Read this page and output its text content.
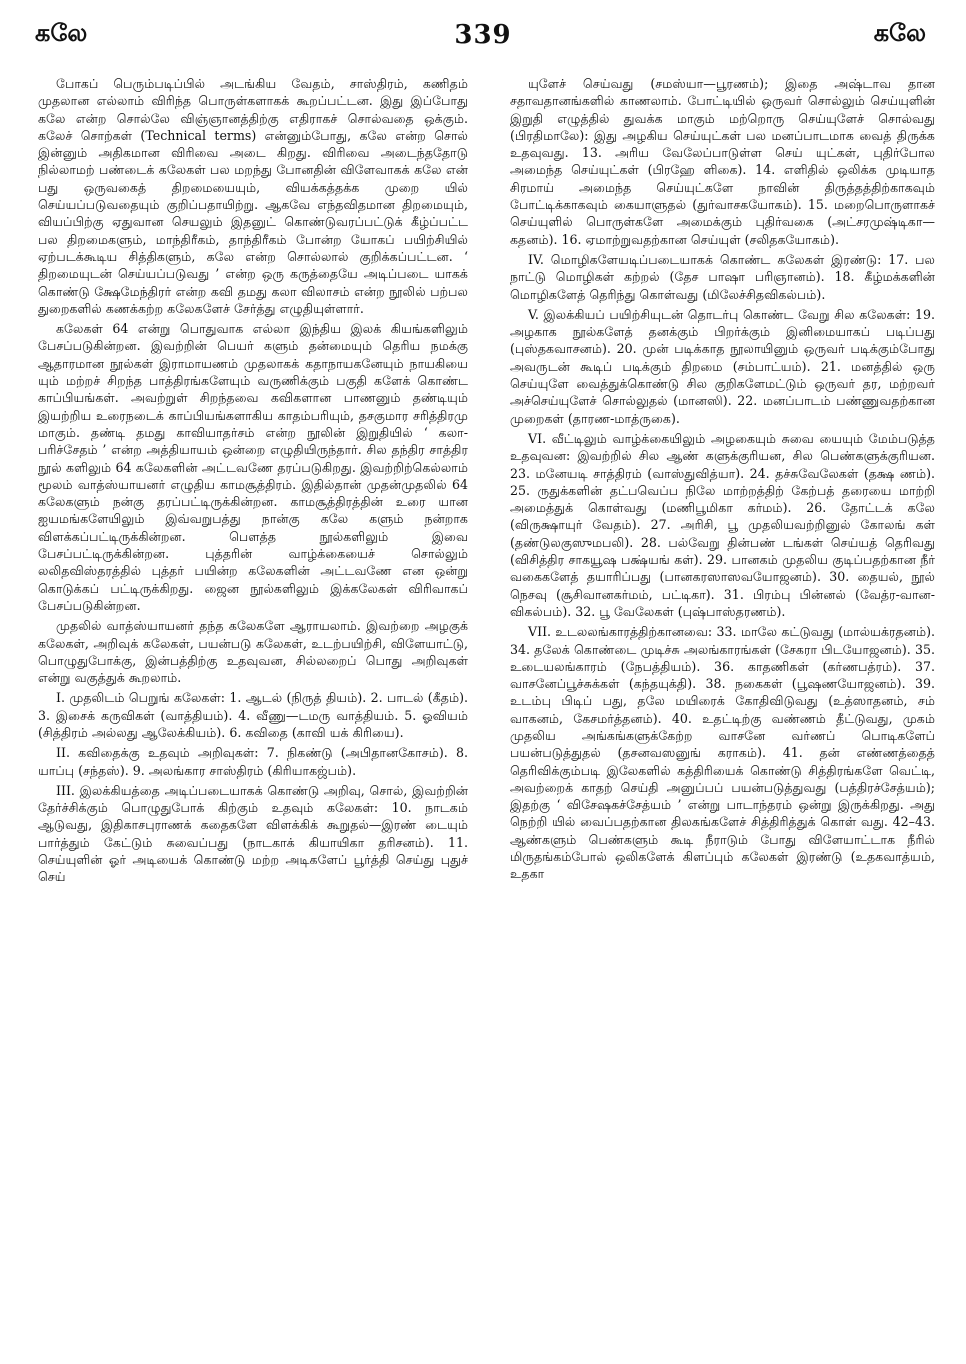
கலே	339	கலே

போகப் பெரும்படிப்பில் அடங்கிய வேதம், சாஸ்திரம், கணிதம் முதலான எல்லாம் விரிந்த பொருள்களாகக் கூறப்பட்டன. இது இப்போது கலே என்ற சொல்லே விஞ்ஞானத்திற்கு எதிராகச் சொல்வதை ஒக்கும். கலேச் சொற்கள் (Technical terms) என்னும்போது, கலே என்ற சொல் இன்னும் அதிகமான விரிவை அடை கிறது. விரிவை அடைந்ததோடு நில்லாமற் பண்டைக் கலேகள் பல மறந்து போனதின் விளேவாகக் கலே என் பது ஒருவகைத் திறமையையும், வியக்கத்தக்க முறை யில் செய்யப்படுவதையும் குறிப்பதாயிற்று. ஆகவே எந்தவிதமான திறமையும், வியப்பிற்கு ஏதுவான செயலும் இதனுட் கொண்டுவரப்பட்டுக் கீழ்ப்பட்ட பல திறமைகளும், மாந்திரீகம், தாந்திரீகம் போன்ற யோகப் பயிற்சியில் ஏற்படக்கூடிய சித்திகளும், கலே என்ற சொல்லால் குறிக்கப்பட்டன. ‘ திறமையுடன் செய்யப்படுவது ’ என்ற ஒரு கருத்தையே அடிப்படை யாகக் கொண்டு க்ஷேமேந்திரர் என்ற கவி தமது கலா விலாசம் என்ற நூலில் பற்பல துறைகளில் கணக்கற்ற கலேகளேச் சேர்த்து எழுதியுள்ளார்.

கலேகள் 64 என்று பொதுவாக எல்லா இந்திய இலக் கியங்களிலும் பேசப்படுகின்றன. இவற்றின் பெயர் களும் தன்மையும் தெரிய நமக்கு ஆதாரமான நூல்கள் இராமாயணம் முதலாகக் கதாநாயகனேயும் நாயகியை யும் மற்றச் சிறந்த பாத்திரங்களேயும் வருணிக்கும் பகுதி களேக் கொண்ட காப்பியங்கள். அவற்றுள் சிறந்தவை கவிகளான பாணனும் தண்டியும் இயற்றிய உரைநடைக் காப்பியங்களாகிய காதம்பரியும், தசகுமார சரித்திரமு மாகும். தண்டி தமது காவியாதர்சம் என்ற நூலின் இறுதியில் ‘ கலா-பரிச்சேதம் ’ என்ற அத்தியாயம் ஒன்றை எழுதியிருந்தார். சில தந்திர சாத்திர நூல் களிலும் 64 கலேகளின் அட்டவணே தரப்படுகிறது. இவற்றிற்கெல்லாம் மூலம் வாத்ஸ்யாயனர் எழுதிய காமசூத்திரம். இதில்தான் முதன்முதலில் 64 கலேகளும் நன்கு தரப்பட்டிருக்கின்றன. காமசூத்திரத்தின் உரை யான ஐயமங்களேயிலும் இவ்வறுபத்து நான்கு கலே களும் நன்றாக விளக்கப்பட்டிருக்கின்றன. பௌத்த நூல்களிலும் இவை பேசப்பட்டிருக்கின்றன. புத்தரின் வாழ்க்கையைச் சொல்லும் லலிதவிஸ்தரத்தில் புத்தர் பயின்ற கலேகளின் அட்டவணே என ஒன்று கொடுக்கப் பட்டிருக்கிறது. ஜைன நூல்களிலும் இக்கலேகள் விரிவாகப் பேசப்படுகின்றன.

முதலில் வாத்ஸ்யாயனர் தந்த கலேகளே ஆராயலாம். இவற்றை அழகுக் கலேகள், அறிவுக் கலேகள், பயன்படு கலேகள், உடற்பயிற்சி, விளேயாட்டு, பொழுதுபோக்கு, இன்பத்திற்கு உதவுவன, சில்லறைப் பொது அறிவுகள் என்று வகுத்துக் கூறலாம்.

I. முதலிடம் பெறுங் கலேகள்: 1. ஆடல் (நிருத் தியம்). 2. பாடல் (கீதம்). 3. இசைக் கருவிகள் (வாத்தியம்). 4. வீணு—டமரு வாத்தியம். 5. ஓவியம் (சித்திரம் அல்லது ஆலேக்கியம்). 6. கவிதை (காவி யக் கிரியை).

II. கவிதைக்கு உதவும் அறிவுகள்: 7. நிகண்டு (அபிதானகோசம்). 8. யாப்பு (சந்தஸ்). 9. அலங்கார சாஸ்திரம் (கிரியாகஜ்பம்).

III. இலக்கியத்தை அடிப்படையாகக் கொண்டு அறிவு, சொல், இவற்றின் தேர்ச்சிக்கும் பொழுதுபோக் கிற்கும் உதவும் கலேகள்: 10. நாடகம் ஆடுவது, இதிகாசபுராணக் கதைகளே விளக்கிக் கூறுதல்—இரண் டையும் பார்த்தும் கேட்டும் சுவைப்பது (நாடகாக் கியாயிகா தரிசனம்). 11. செய்யுளின் ஓர் அடியைக் கொண்டு மற்ற அடிகளேப் பூர்த்தி செய்து புதுச் செய்

யுளேச் செய்வது (சமஸ்யா—பூரணம்); இதை அஷ்டாவ தான சதாவதானங்களில் காணலாம். போட்டியில் ஒருவர் சொல்லும் செய்யுளின் இறுதி எழுத்தில் துவக்க மாகும் மற்றொரு செய்யுளேச் சொல்வது (பிரதிமாலே): இது அழகிய செய்யுட்கள் பல மனப்பாடமாக வைத் திருக்க உதவுவது. 13. அரிய வேலேப்பாடுள்ள செய் யுட்கள், புதிர்போல அமைந்த செய்யுட்கள் (பிரஹே ளிகை). 14. எளிதில் ஒலிக்க முடியாத சிரமாய் அமைந்த செய்யுட்களே நாவின் திருத்தத்திற்காகவும் போட்டிக்காகவும் கையாளுதல் (துர்வாசகயோகம்). 15. மறைபொருளாகச் செய்யுளில் பொருள்களே அமைக்கும் புதிர்வகை (அட்சரமுஷ்டிகா—கதனம்). 16. ஏமாற்றுவதற்கான செய்யுள் (சலிதகயோகம்).

IV. மொழிகளேயடிப்படையாகக் கொண்ட கலேகள் இரண்டு: 17. பல நாட்டு மொழிகள் கற்றல் (தேச பாஷா பரிஞானம்). 18. கீழ்மக்களின் மொழிகளேத் தெரிந்து கொள்வது (மிலேச்சிதவிகல்பம்).

V. இலக்கியப் பயிற்சியுடன் தொடர்பு கொண்ட வேறு சில கலேகள்: 19. அழகாக நூல்களேத் தனக்கும் பிறர்க்கும் இனிமையாகப் படிப்பது (புஸ்தகவாசனம்). 20. முன் படிக்காத நூலாயினும் ஒருவர் படிக்கும்போது அவருடன் கூடிப் படிக்கும் திறமை (சம்பாட்யம்). 21. மனத்தில் ஒரு செய்யுளே வைத்துக்கொண்டு சில குறிகளேமட்டும் ஒருவர் தர, மற்றவர் அச்செய்யுளேச் சொல்லுதல் (மானஸி). 22. மனப்பாடம் பண்ணுவதற்கான முறைகள் (தாரண-மாத்ருகை).

VI. வீட்டிலும் வாழ்க்கையிலும் அழகையும் சுவை யையும் மேம்படுத்த உதவுவன: இவற்றில் சில ஆண் களுக்குரியன, சில பெண்களுக்குரியன. 23. மனேயடி சாத்திரம் (வாஸ்துவித்யா). 24. தச்சுவேலேகள் (தக்ஷ ணம்). 25. ருதுக்களின் தட்பவெப்ப நிலே மாற்றத்திற் கேற்பத் தரையை மாற்றி அமைத்துக் கொள்வது (மணிபூமிகா கர்மம்). 26. தோட்டக் கலே (விருக்ஷாயுர் வேதம்). 27. அரிசி, பூ முதலியவற்றினுல் கோலங் கள் (தண்டுலகுஸுமபலி). 28. பல்வேறு தின்பண் டங்கள் செய்யத் தெரிவது (விசித்திர சாகயூஷ பக்ஷ்யங் கள்). 29. பானகம் முதலிய குடிப்பதற்கான நீர் வகைகளேத் தயாரிப்பது (பானகரஸாஸவயோஜனம்). 30. தையல், நூல் நெசவு (சூசிவானகர்மம், பட்டிகா). 31. பிரம்பு பின்னல் (வேத்ர-வான-விகல்பம்). 32. பூ வேலேகள் (புஷ்பாஸ்தரணம்).

VII. உடலலங்காரத்திற்கானவை: 33. மாலே கட்டுவது (மால்யக்ரதனம்). 34. தலேக் கொண்டை முடிச்சு அலங்காரங்கள் (சேகரா பிடயோஜனம்). 35. உடையலங்காரம் (நேபத்தியம்). 36. காதணிகள் (கர்ணபத்ரம்). 37. வாசனேப்பூச்சுக்கள் (கந்தயுக்தி). 38. நகைகள் (பூஷணயோஜனம்). 39. உடம்பு பிடிப் பது, தலே மயிரைக் கோதிவிடுவது (உத்ஸாதனம், சம் வாகனம், கேசமர்த்தனம்). 40. உதட்டிற்கு வண்ணம் தீட்டுவது, முகம் முதலிய அங்கங்களுக்கேற்ற வாசனே வர்ணப் பொடிகளேப் பயன்படுத்துதல் (தசனவஸனுங் கராகம்). 41. தன் எண்ணத்தைத் தெரிவிக்கும்படி இலேகளில் கத்திரியைக் கொண்டு சித்திரங்களே வெட்டி, அவற்றைக் காதற் செய்தி அனுப்பப் பயன்படுத்துவது (பத்திரச்சேத்யம்); இதற்கு ‘ விசேஷகச்சேத்யம் ’ என்று பாடாந்தரம் ஒன்று இருக்கிறது. அது நெற்றி யில் வைப்பதற்கான திலகங்களேச் சித்திரித்துக் கொள் வது. 42–43. ஆண்களும் பெண்களும் கூடி நீராடும் போது விளேயாட்டாக நீரில் மிருதங்கம்போல் ஒலிகளேக் கிளப்பும் கலேகள் இரண்டு (உதகவாத்யம், உதகா
